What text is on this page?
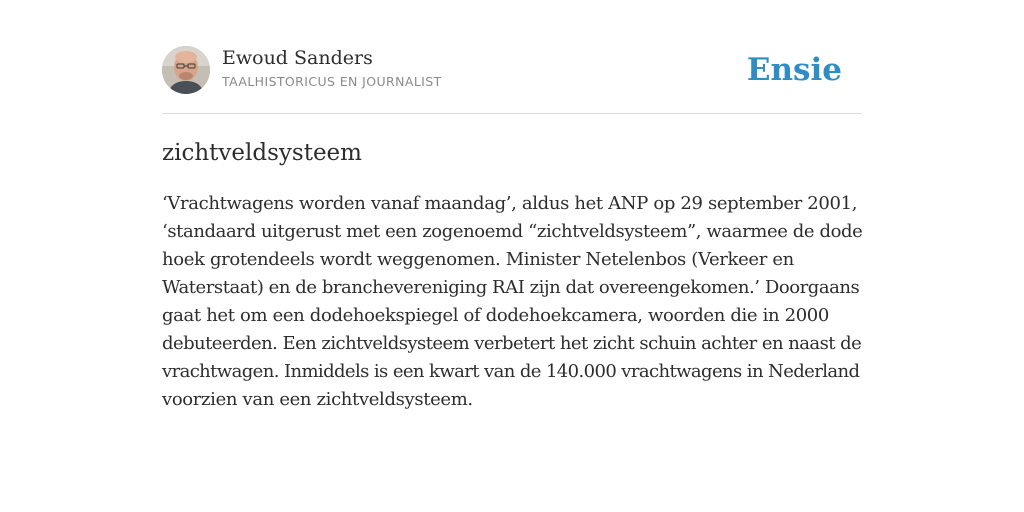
Ewoud Sanders
TAALHISTORICUS EN JOURNALIST	Ensie
zichtveldsysteem

‘Vrachtwagens worden vanaf maandag’, aldus het ANP op 29 september 2001,
‘standaard uitgerust met een zogenoemd “zichtveldsysteem”, waarmee de dode
hoek grotendeels wordt weggenomen. Minister Netelenbos (Verkeer en
Waterstaat) en de branchevereniging RAI zijn dat overeengekomen.’ Doorgaans
gaat het om een dodehoekspiegel of dodehoekcamera, woorden die in 2000
debuteerden. Een zichtveldsysteem verbetert het zicht schuin achter en naast de
vrachtwagen. Inmiddels is een kwart van de 140.000 vrachtwagens in Nederland
voorzien van een zichtveldsysteem.
